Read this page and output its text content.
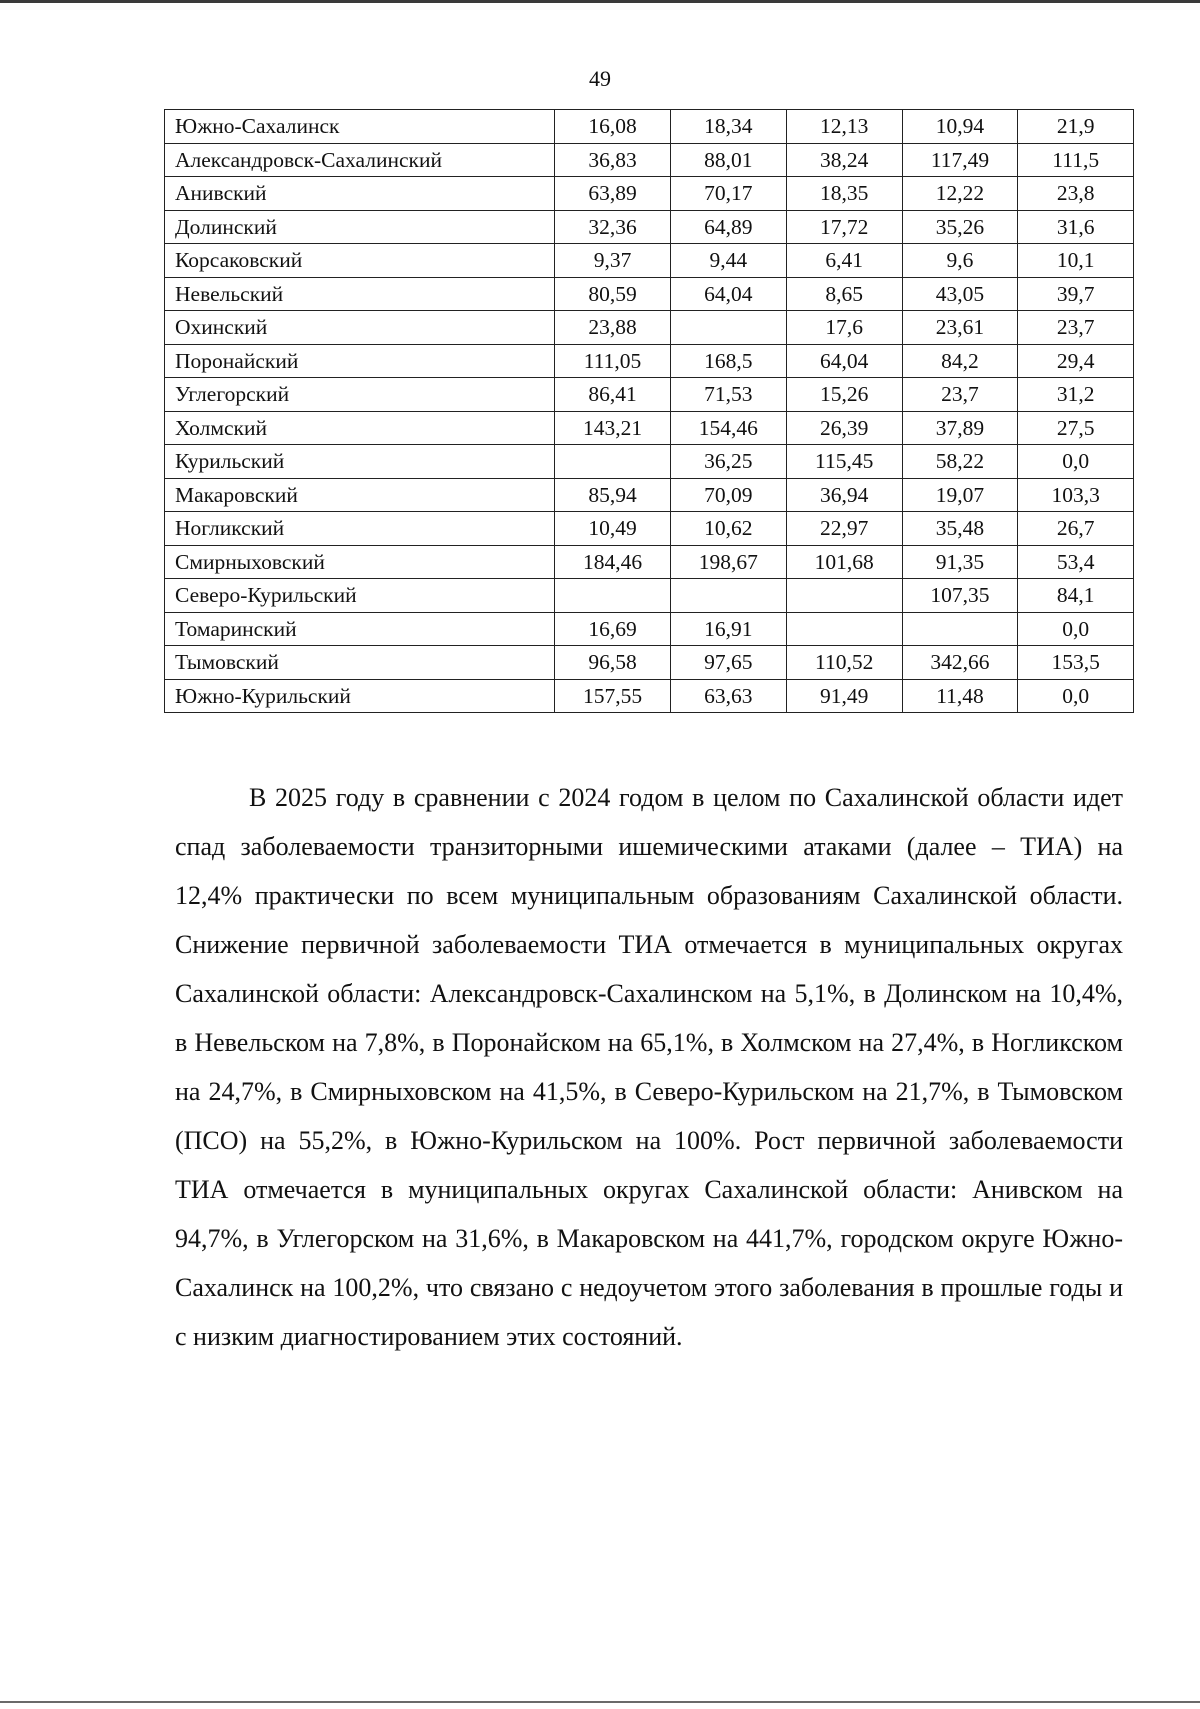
49
Южно-Сахалинск	16,08	18,34	12,13	10,94	21,9
Александровск-Сахалинский	36,83	88,01	38,24	117,49	111,5
Анивский	63,89	70,17	18,35	12,22	23,8
Долинский	32,36	64,89	17,72	35,26	31,6
Корсаковский	9,37	9,44	6,41	9,6	10,1
Невельский	80,59	64,04	8,65	43,05	39,7
Охинский	23,88		17,6	23,61	23,7
Поронайский	111,05	168,5	64,04	84,2	29,4
Углегорский	86,41	71,53	15,26	23,7	31,2
Холмский	143,21	154,46	26,39	37,89	27,5
Курильский		36,25	115,45	58,22	0,0
Макаровский	85,94	70,09	36,94	19,07	103,3
Ногликский	10,49	10,62	22,97	35,48	26,7
Смирныховский	184,46	198,67	101,68	91,35	53,4
Северо-Курильский				107,35	84,1
Томаринский	16,69	16,91			0,0
Тымовский	96,58	97,65	110,52	342,66	153,5
Южно-Курильский	157,55	63,63	91,49	11,48	0,0

В 2025 году в сравнении с 2024 годом в целом по Сахалинской области идет спад заболеваемости транзиторными ишемическими атаками (далее – ТИА) на 12,4% практически по всем муниципальным образованиям Сахалинской области. Снижение первичной заболеваемости ТИА отмечается в муниципальных округах Сахалинской области: Александровск-Сахалинском на 5,1%, в Долинском на 10,4%, в Невельском на 7,8%, в Поронайском на 65,1%, в Холмском на 27,4%, в Ногликском на 24,7%, в Смирныховском на 41,5%, в Северо-Курильском на 21,7%, в Тымовском (ПСО) на 55,2%, в Южно-Курильском на 100%. Рост первичной заболеваемости ТИА отмечается в муниципальных округах Сахалинской области: Анивском на 94,7%, в Углегорском на 31,6%, в Макаровском на 441,7%, городском округе Южно-Сахалинск на 100,2%, что связано с недоучетом этого заболевания в прошлые годы и с низким диагностированием этих состояний.
